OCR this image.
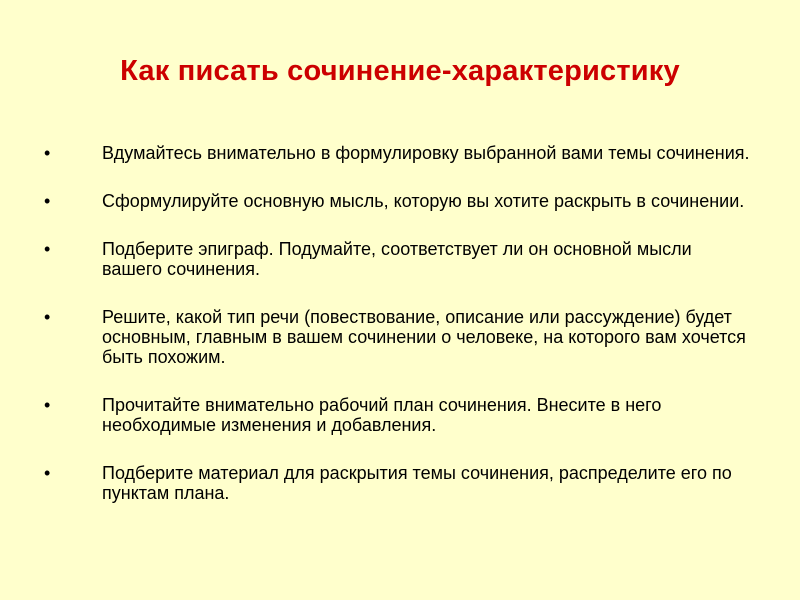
Как писать сочинение-характеристику
•	Вдумайтесь внимательно в формулировку выбранной вами темы сочинения.
•	Сформулируйте основную мысль, которую вы хотите раскрыть в сочинении.
•	Подберите эпиграф. Подумайте, соответствует ли он основной мысли вашего сочинения.
•	Решите, какой тип речи (повествование, описание или рассуждение) будет основным, главным в вашем сочинении о человеке, на которого вам хочется быть похожим.
•	Прочитайте внимательно рабочий план сочинения. Внесите в него необходимые изменения и добавления.
•	Подберите материал для раскрытия темы сочинения, распределите его по пунктам плана.
